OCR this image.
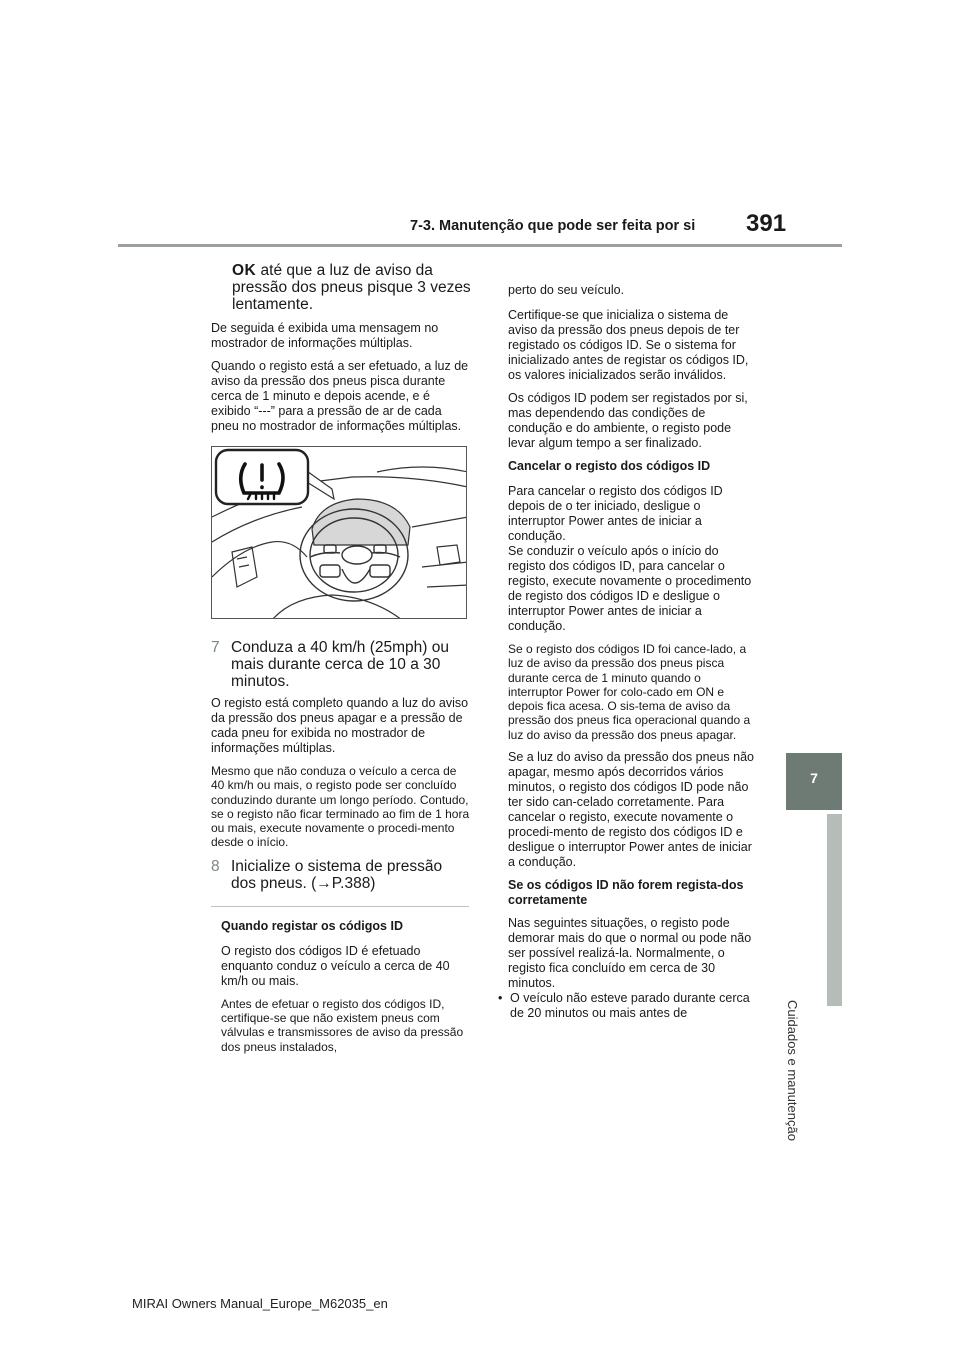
7-3. Manutenção que pode ser feita por si 391
7
Cuidados e manutenção

OK até que a luz de aviso da pressão dos pneus pisque 3 vezes lentamente.

De seguida é exibida uma mensagem no mostrador de informações múltiplas.

Quando o registo está a ser efetuado, a luz de aviso da pressão dos pneus pisca durante cerca de 1 minuto e depois acende, e é exibido “---” para a pressão de ar de cada pneu no mostrador de informações múltiplas.

7 Conduza a 40 km/h (25mph) ou mais durante cerca de 10 a 30 minutos.

O registo está completo quando a luz do aviso da pressão dos pneus apagar e a pressão de cada pneu for exibida no mostrador de informações múltiplas.

Mesmo que não conduza o veículo a cerca de 40 km/h ou mais, o registo pode ser concluído conduzindo durante um longo período. Contudo, se o registo não ficar terminado ao fim de 1 hora ou mais, execute novamente o procedi-mento desde o início.

8 Inicialize o sistema de pressão dos pneus. (→P.388)

Quando registar os códigos ID

O registo dos códigos ID é efetuado enquanto conduz o veículo a cerca de 40 km/h ou mais.

Antes de efetuar o registo dos códigos ID, certifique-se que não existem pneus com válvulas e transmissores de aviso da pressão dos pneus instalados,

perto do seu veículo.

Certifique-se que inicializa o sistema de aviso da pressão dos pneus depois de ter registado os códigos ID. Se o sistema for inicializado antes de registar os códigos ID, os valores inicializados serão inválidos.

Os códigos ID podem ser registados por si, mas dependendo das condições de condução e do ambiente, o registo pode levar algum tempo a ser finalizado.

Cancelar o registo dos códigos ID

Para cancelar o registo dos códigos ID depois de o ter iniciado, desligue o interruptor Power antes de iniciar a condução.

Se conduzir o veículo após o início do registo dos códigos ID, para cancelar o registo, execute novamente o procedimento de registo dos códigos ID e desligue o interruptor Power antes de iniciar a condução.

Se o registo dos códigos ID foi cance-lado, a luz de aviso da pressão dos pneus pisca durante cerca de 1 minuto quando o interruptor Power for colo-cado em ON e depois fica acesa. O sis-tema de aviso da pressão dos pneus fica operacional quando a luz do aviso da pressão dos pneus apagar.

Se a luz do aviso da pressão dos pneus não apagar, mesmo após decorridos vários minutos, o registo dos códigos ID pode não ter sido can-celado corretamente. Para cancelar o registo, execute novamente o procedi-mento de registo dos códigos ID e desligue o interruptor Power antes de iniciar a condução.

Se os códigos ID não forem regista-dos corretamente

Nas seguintes situações, o registo pode demorar mais do que o normal ou pode não ser possível realizá-la. Normalmente, o registo fica concluído em cerca de 30 minutos.

• O veículo não esteve parado durante cerca de 20 minutos ou mais antes de
MIRAI Owners Manual_Europe_M62035_en
